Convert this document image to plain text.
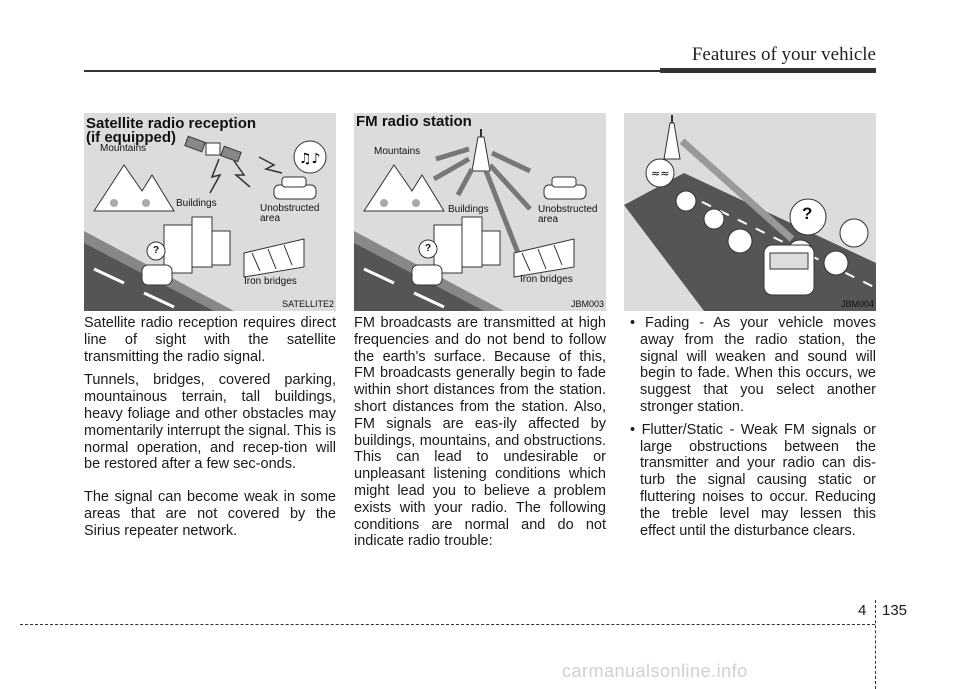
Features of your vehicle
♫♪
Satellite radio reception
(if equipped)
Mountains
Buildings	Unobstructed
area
Iron bridges
?
SATELLITE2
FM radio station
Mountains
Buildings	Unobstructed
area
Iron bridges
?
JBM003
≈≈
?
JBM004

Satellite radio reception requires direct line of sight with the satellite transmitting the radio signal.

Tunnels, bridges, covered parking, mountainous terrain, tall buildings, heavy foliage and other obstacles may momentarily interrupt the signal. This is normal operation, and recep-tion will be restored after a few sec-onds.

The signal can become weak in some areas that are not covered by the Sirius repeater network.

FM broadcasts are transmitted at high frequencies and do not bend to follow the earth's surface. Because of this, FM broadcasts generally begin to fade within short distances from the station. short distances from the station. Also, FM signals are eas-ily affected by buildings, mountains, and obstructions. This can lead to undesirable or unpleasant listening conditions which might lead you to believe a problem exists with your radio. The following conditions are normal and do not indicate radio trouble:

• Fading - As your vehicle moves away from the radio station, the signal will weaken and sound will begin to fade. When this occurs, we suggest that you select another stronger station.

• Flutter/Static - Weak FM signals or large obstructions between the transmitter and your radio can dis-turb the signal causing static or fluttering noises to occur. Reducing the treble level may lessen this effect until the disturbance clears.

4 135
carmanualsonline.info
